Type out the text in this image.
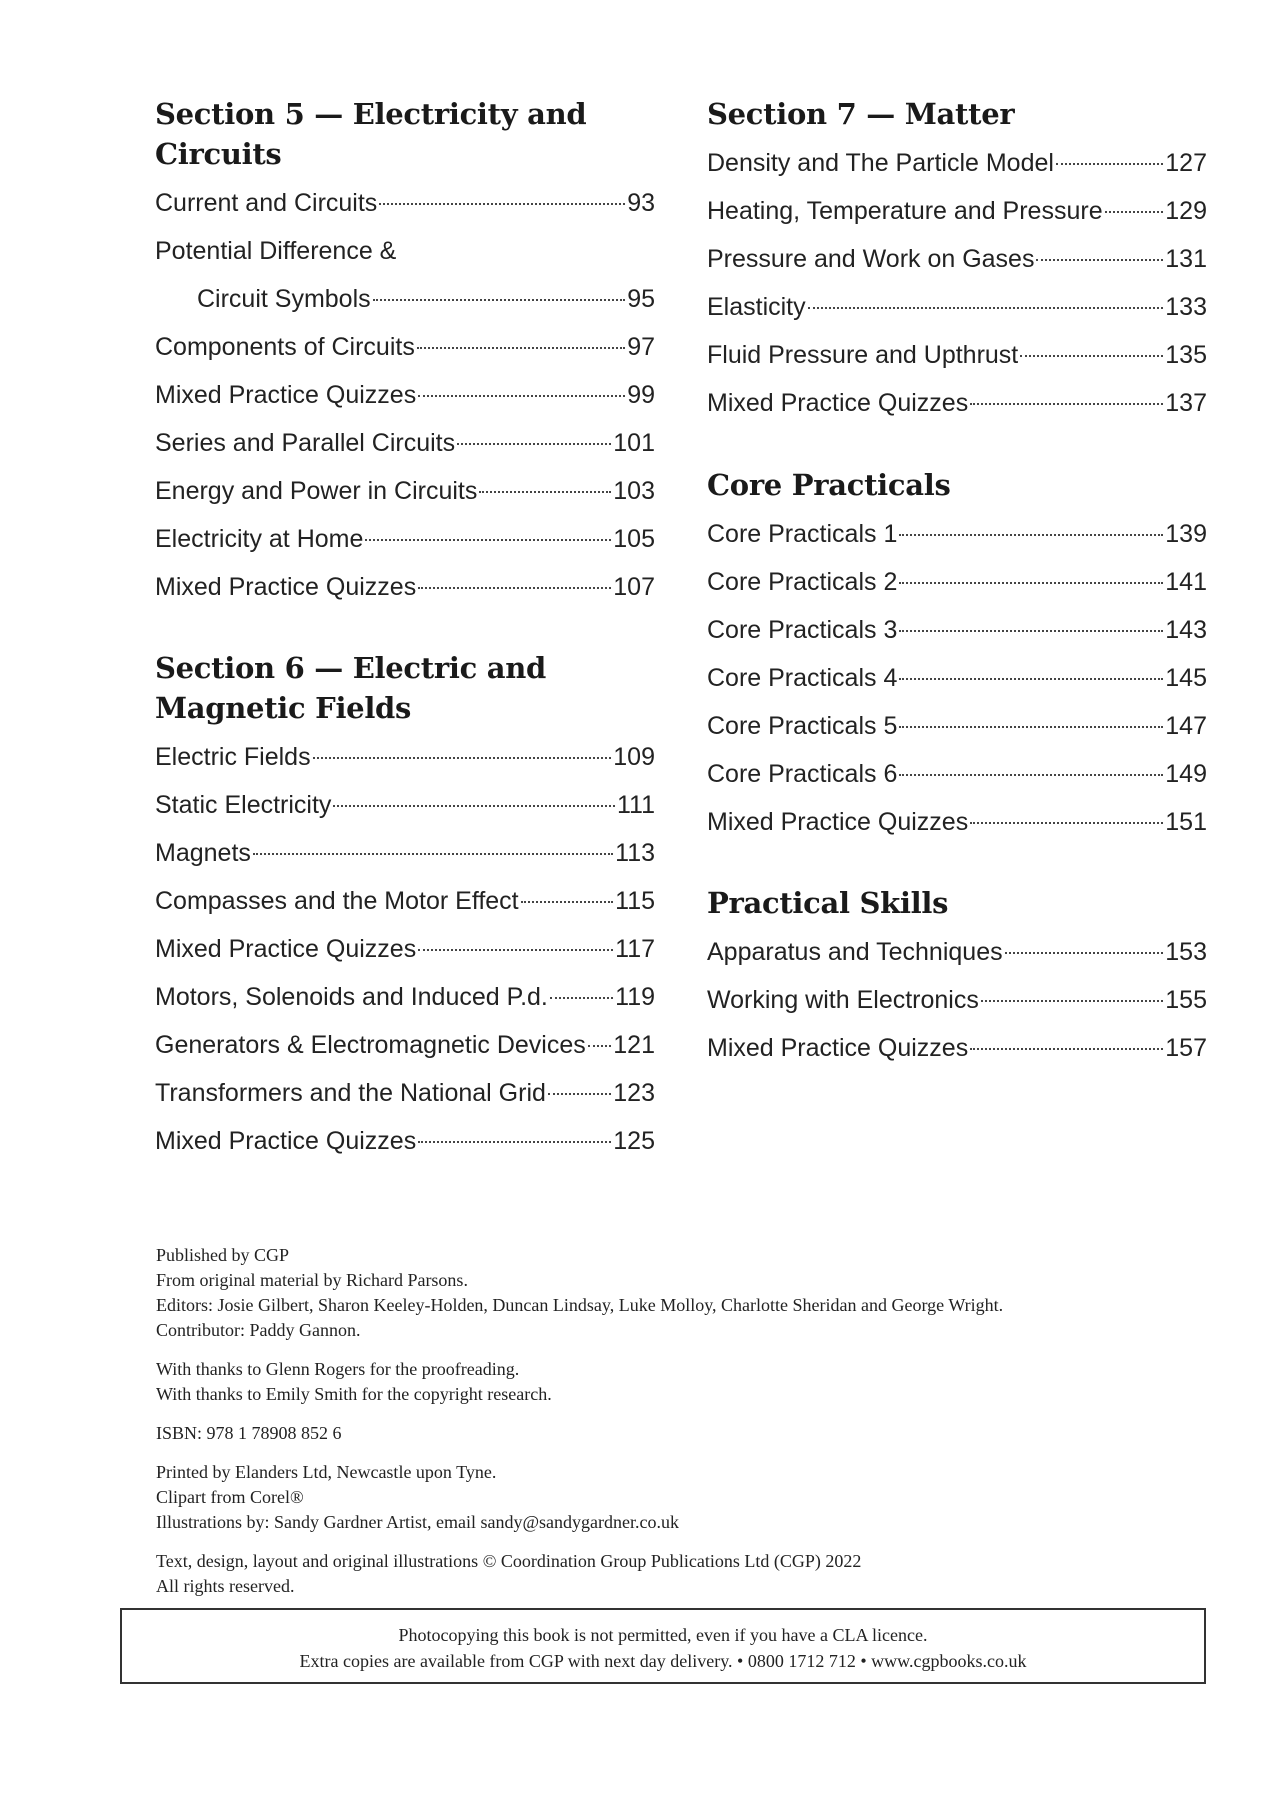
Section 5 — Electricity and
Circuits
Current and Circuits	93
Potential Difference &
Circuit Symbols	95
Components of Circuits	97
Mixed Practice Quizzes	99
Series and Parallel Circuits	101
Energy and Power in Circuits	103
Electricity at Home	105
Mixed Practice Quizzes	107
Section 6 — Electric and
Magnetic Fields
Electric Fields	109
Static Electricity	111
Magnets	113
Compasses and the Motor Effect	115
Mixed Practice Quizzes	117
Motors, Solenoids and Induced P.d.	119
Generators & Electromagnetic Devices 121
Transformers and the National Grid	123
Mixed Practice Quizzes	125
Section 7 — Matter
Density and The Particle Model	127
Heating, Temperature and Pressure	129
Pressure and Work on Gases	131
Elasticity	133
Fluid Pressure and Upthrust	135
Mixed Practice Quizzes	137
Core Practicals
Core Practicals 1	139
Core Practicals 2	141
Core Practicals 3	143
Core Practicals 4	145
Core Practicals 5	147
Core Practicals 6	149
Mixed Practice Quizzes	151
Practical Skills
Apparatus and Techniques	153
Working with Electronics	155
Mixed Practice Quizzes	157
Published by CGP
From original material by Richard Parsons.
Editors: Josie Gilbert, Sharon Keeley-Holden, Duncan Lindsay, Luke Molloy, Charlotte Sheridan and George Wright.
Contributor: Paddy Gannon.
With thanks to Glenn Rogers for the proofreading.
With thanks to Emily Smith for the copyright research.
ISBN: 978 1 78908 852 6
Printed by Elanders Ltd, Newcastle upon Tyne.
Clipart from Corel®
Illustrations by: Sandy Gardner Artist, email sandy@sandygardner.co.uk
Text, design, layout and original illustrations © Coordination Group Publications Ltd (CGP) 2022
All rights reserved.
Photocopying this book is not permitted, even if you have a CLA licence.
Extra copies are available from CGP with next day delivery. • 0800 1712 712 • www.cgpbooks.co.uk
